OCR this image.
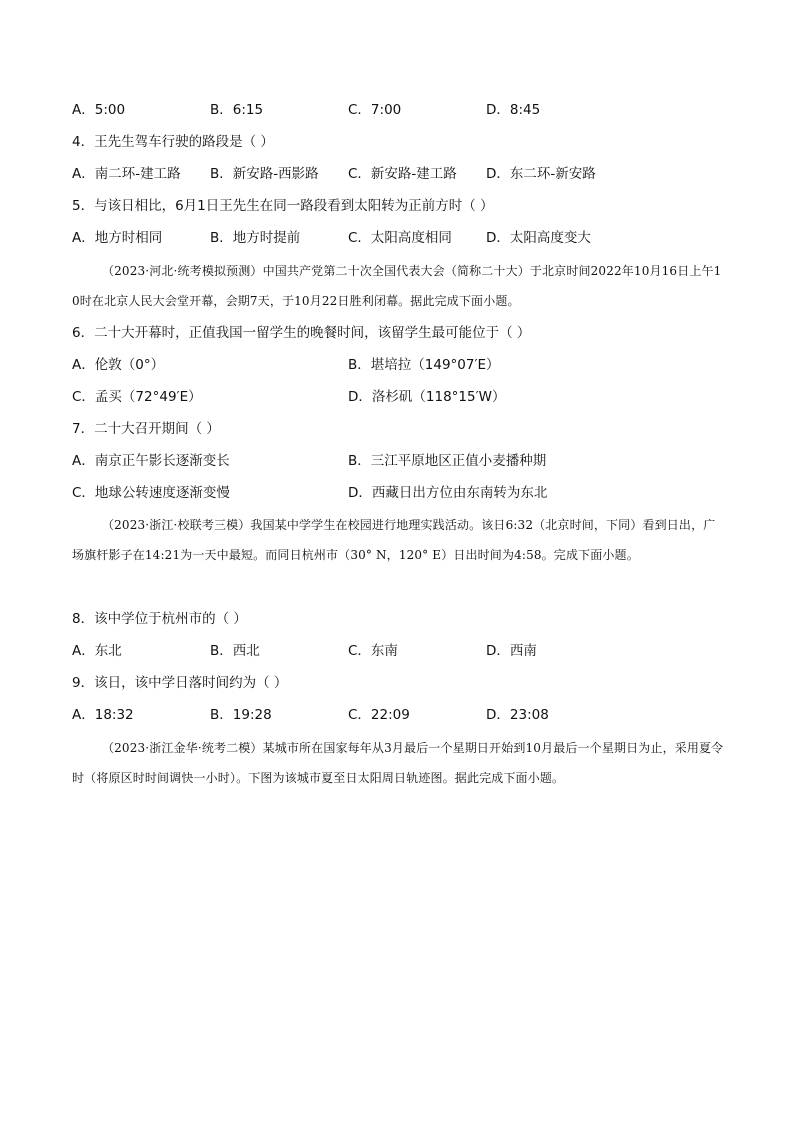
A．5:00	B．6:15	C．7:00	D．8:45
4．王先生驾车行驶的路段是（ ）
A．南二环-建工路 B．新安路-西影路 C．新安路-建工路 D．东二环-新安路
5．与该日相比，6月1日王先生在同一路段看到太阳转为正前方时（ ）
A．地方时相同	B．地方时提前	C．太阳高度相同	D．太阳高度变大
（2023·河北·统考模拟预测）中国共产党第二十次全国代表大会（简称二十大）于北京时间2022年10月16日上午10时在北京人民大会堂开幕，会期7天，于10月22日胜利闭幕。据此完成下面小题。
6．二十大开幕时，正值我国一留学生的晚餐时间，该留学生最可能位于（ ）
A．伦敦（0°）	B．堪培拉（149°07′E）
C．孟买（72°49′E）	D．洛杉矶（118°15′W）
7．二十大召开期间（ ）
A．南京正午影长逐渐变长	B．三江平原地区正值小麦播种期
C．地球公转速度逐渐变慢	D．西藏日出方位由东南转为东北
（2023·浙江·校联考三模）我国某中学学生在校园进行地理实践活动。该日6:32（北京时间，下同）看到日出，广场旗杆影子在14:21为一天中最短。而同日杭州市（30° N，120° E）日出时间为4:58。完成下面小题。
8．该中学位于杭州市的（ ）
A．东北	B．西北	C．东南	D．西南
9．该日，该中学日落时间约为（ ）
A．18:32	B．19:28	C．22:09	D．23:08
（2023·浙江金华·统考二模）某城市所在国家每年从3月最后一个星期日开始到10月最后一个星期日为止，采用夏令时（将原区时时间调快一小时）。下图为该城市夏至日太阳周日轨迹图。据此完成下面小题。
